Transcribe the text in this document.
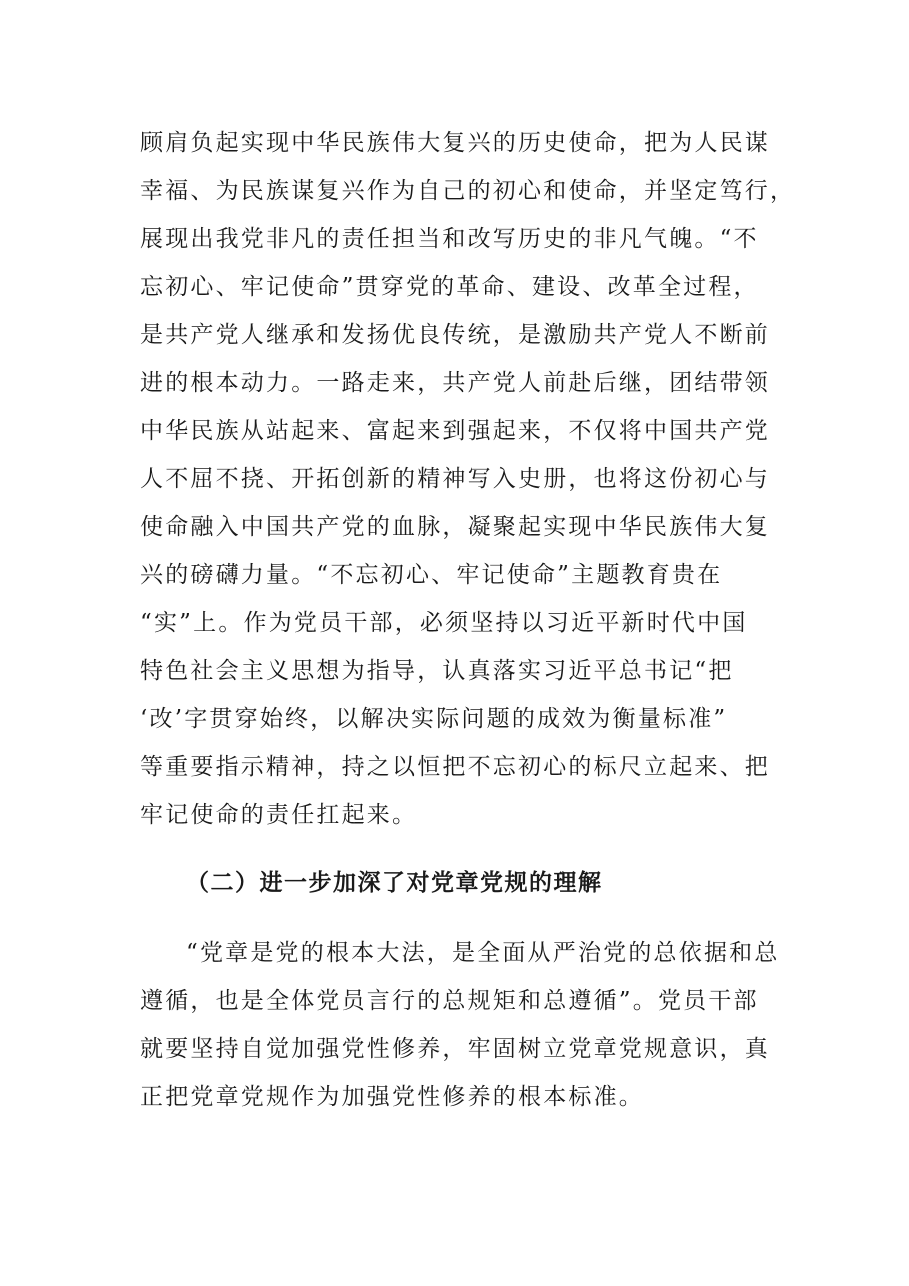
顾肩负起实现中华民族伟大复兴的历史使命，把为人民谋
幸福、为民族谋复兴作为自己的初心和使命，并坚定笃行，
展现出我党非凡的责任担当和改写历史的非凡气魄。“不
忘初心、牢记使命”贯穿党的革命、建设、改革全过程，
是共产党人继承和发扬优良传统，是激励共产党人不断前
进的根本动力。一路走来，共产党人前赴后继，团结带领
中华民族从站起来、富起来到强起来，不仅将中国共产党
人不屈不挠、开拓创新的精神写入史册，也将这份初心与
使命融入中国共产党的血脉，凝聚起实现中华民族伟大复
兴的磅礴力量。“不忘初心、牢记使命”主题教育贵在
“实”上。作为党员干部，必须坚持以习近平新时代中国
特色社会主义思想为指导，认真落实习近平总书记“把
‘改’字贯穿始终，以解决实际问题的成效为衡量标准”
等重要指示精神，持之以恒把不忘初心的标尺立起来、把
牢记使命的责任扛起来。
（二）进一步加深了对党章党规的理解
“党章是党的根本大法，是全面从严治党的总依据和总
遵循，也是全体党员言行的总规矩和总遵循”。党员干部
就要坚持自觉加强党性修养，牢固树立党章党规意识，真
正把党章党规作为加强党性修养的根本标准。
